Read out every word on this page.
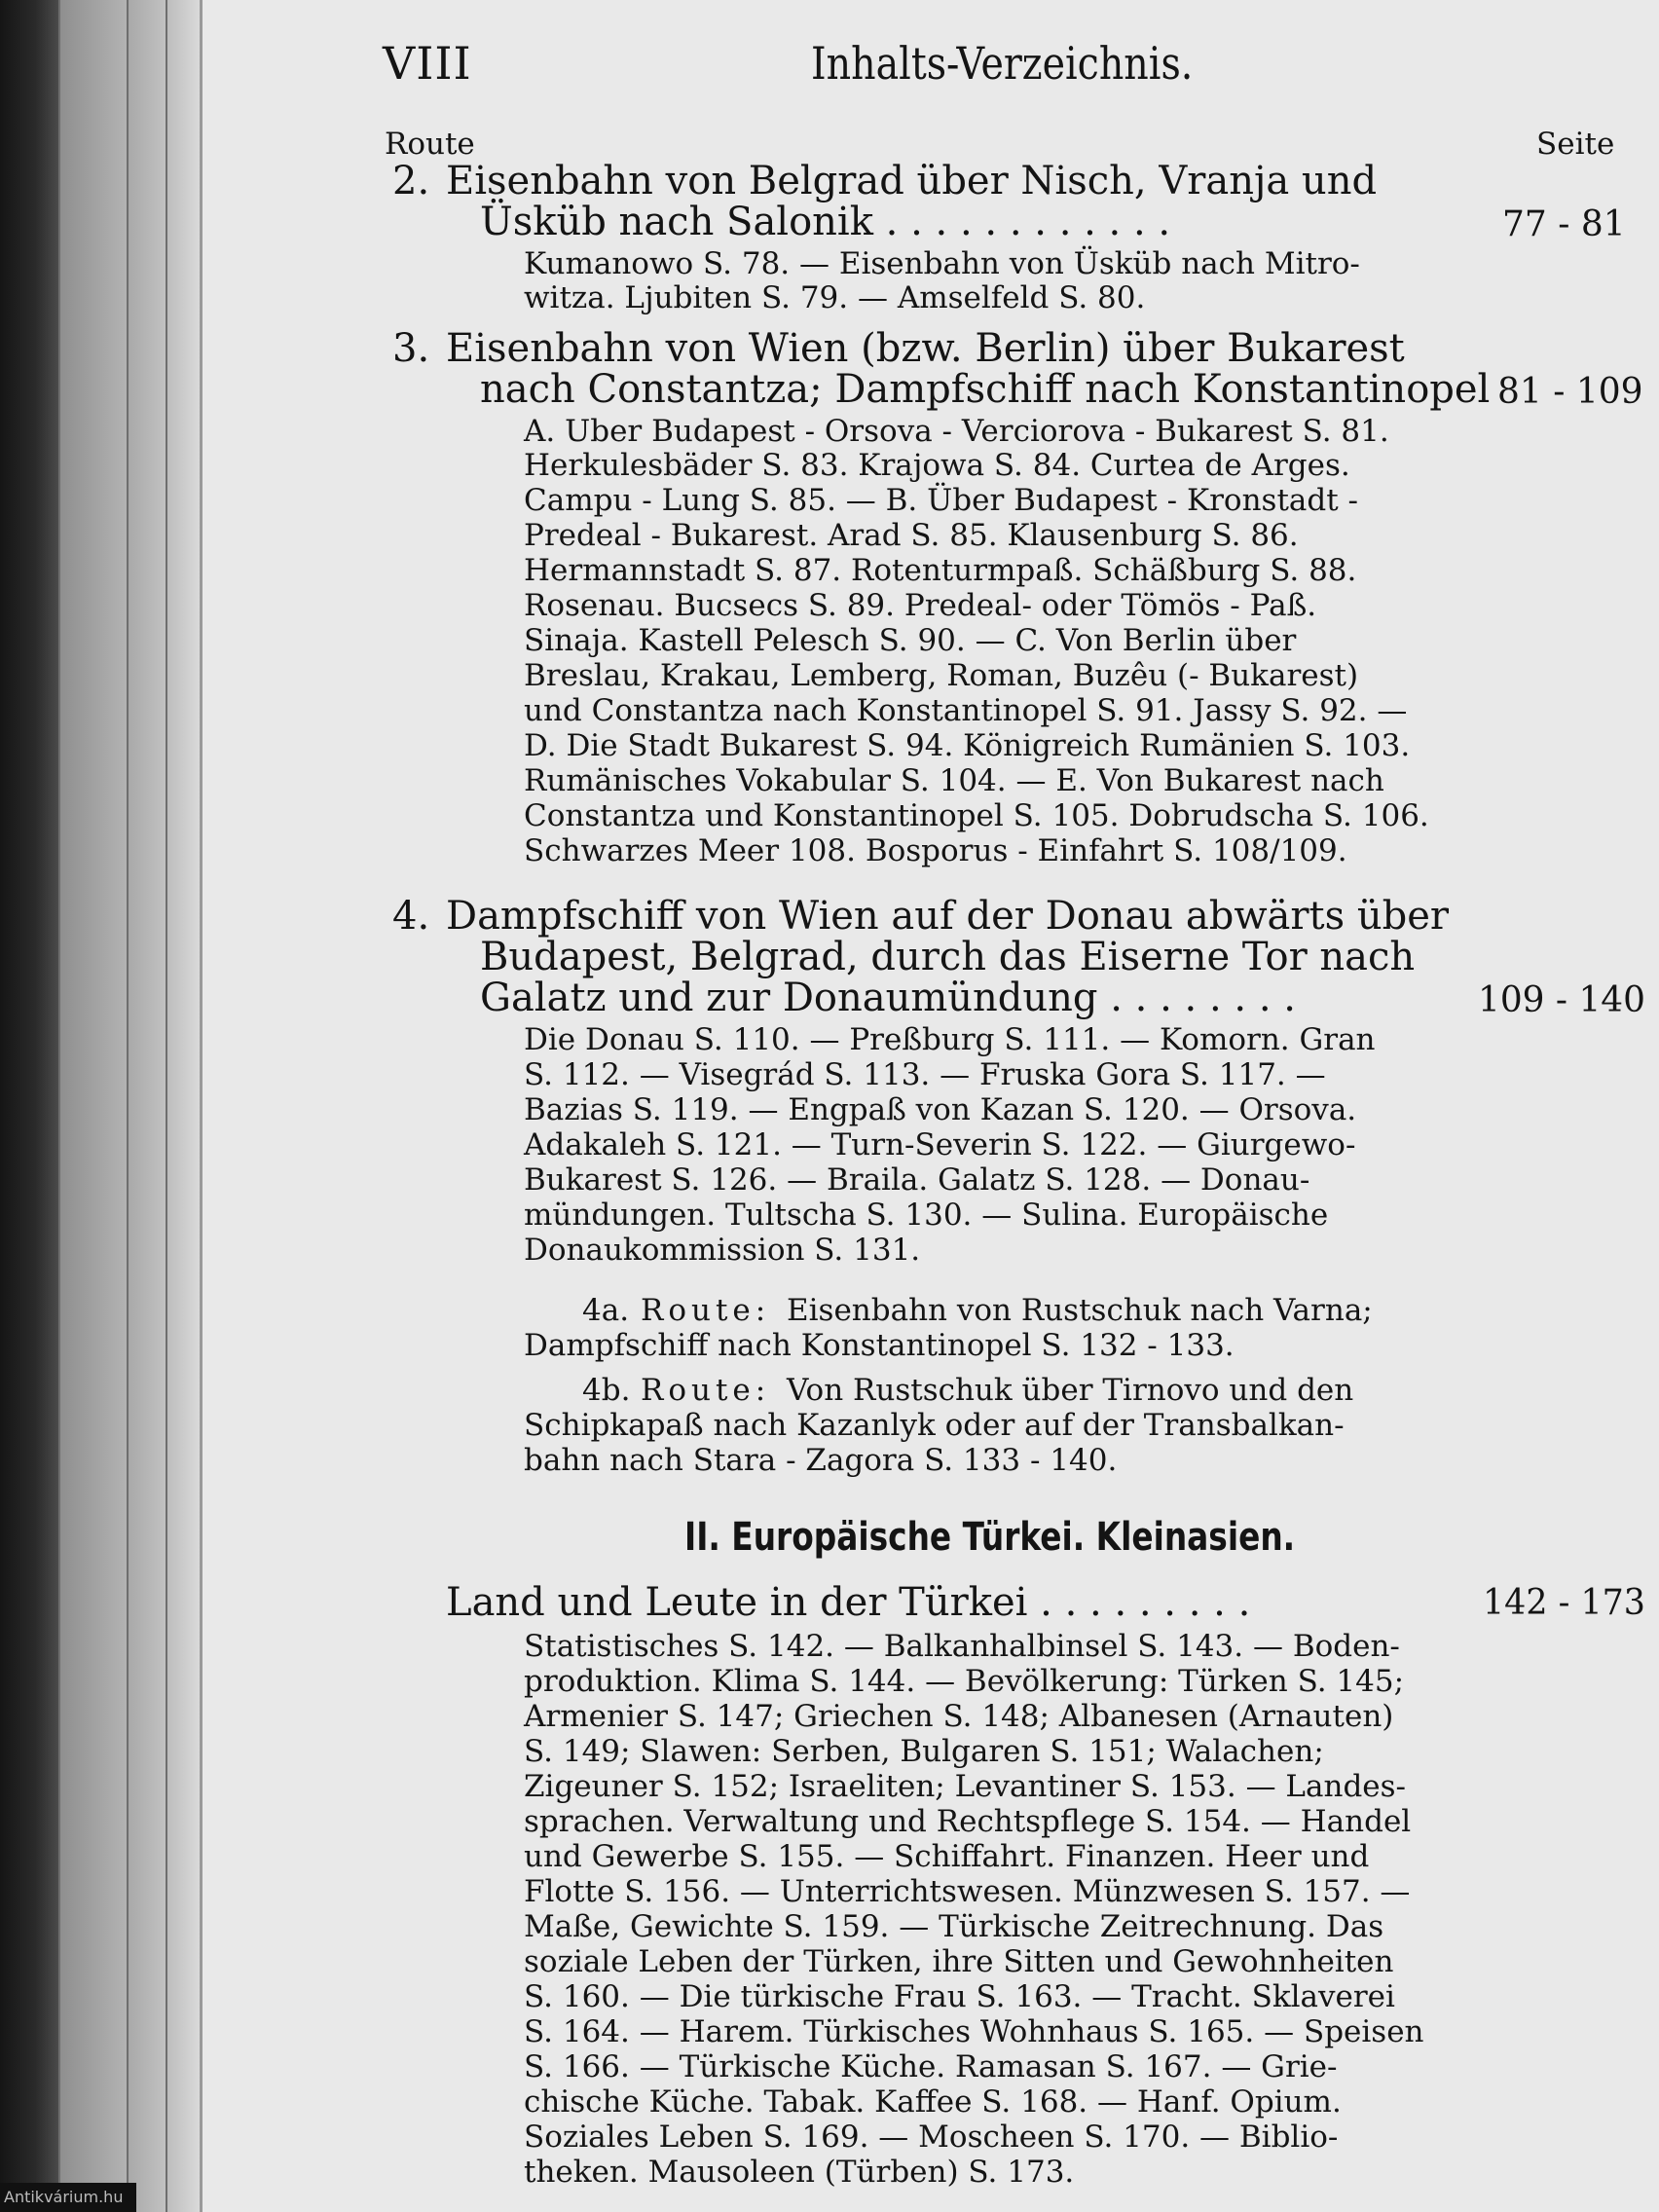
VIII	Inhalts-Verzeichnis.
Route	Seite
2. Eisenbahn von Belgrad über Nisch, Vranja und
Üsküb nach Salonik . . . . . . . . . . . .	77 - 81
Kumanowo S. 78. — Eisenbahn von Üsküb nach Mitro-
witza. Ljubiten S. 79. — Amselfeld S. 80.
3. Eisenbahn von Wien (bzw. Berlin) über Bukarest
nach Constantza; Dampfschiff nach Konstantinopel 81 - 109
A. Uber Budapest - Orsova - Verciorova - Bukarest S. 81.
Herkulesbäder S. 83. Krajowa S. 84. Curtea de Arges.
Campu - Lung S. 85. — B. Über Budapest - Kronstadt -
Predeal - Bukarest. Arad S. 85. Klausenburg S. 86.
Hermannstadt S. 87. Rotenturmpaß. Schäßburg S. 88.
Rosenau. Bucsecs S. 89. Predeal- oder Tömös - Paß.
Sinaja. Kastell Pelesch S. 90. — C. Von Berlin über
Breslau, Krakau, Lemberg, Roman, Buzêu (- Bukarest)
und Constantza nach Konstantinopel S. 91. Jassy S. 92. —
D. Die Stadt Bukarest S. 94. Königreich Rumänien S. 103.
Rumänisches Vokabular S. 104. — E. Von Bukarest nach
Constantza und Konstantinopel S. 105. Dobrudscha S. 106.
Schwarzes Meer 108. Bosporus - Einfahrt S. 108/109.
4. Dampfschiff von Wien auf der Donau abwärts über
Budapest, Belgrad, durch das Eiserne Tor nach
Galatz und zur Donaumündung . . . . . . . .	109 - 140
Die Donau S. 110. — Preßburg S. 111. — Komorn. Gran
S. 112. — Visegrád S. 113. — Fruska Gora S. 117. —
Bazias S. 119. — Engpaß von Kazan S. 120. — Orsova.
Adakaleh S. 121. — Turn-Severin S. 122. — Giurgewo-
Bukarest S. 126. — Braila. Galatz S. 128. — Donau-
mündungen. Tultscha S. 130. — Sulina. Europäische
Donaukommission S. 131.
4a. Route: Eisenbahn von Rustschuk nach Varna;
Dampfschiff nach Konstantinopel S. 132 - 133.
4b. Route: Von Rustschuk über Tirnovo und den
Schipkapaß nach Kazanlyk oder auf der Transbalkan-
bahn nach Stara - Zagora S. 133 - 140.
II. Europäische Türkei. Kleinasien.
Land und Leute in der Türkei . . . . . . . . .	142 - 173
Statistisches S. 142. — Balkanhalbinsel S. 143. — Boden-
produktion. Klima S. 144. — Bevölkerung: Türken S. 145;
Armenier S. 147; Griechen S. 148; Albanesen (Arnauten)
S. 149; Slawen: Serben, Bulgaren S. 151; Walachen;
Zigeuner S. 152; Israeliten; Levantiner S. 153. — Landes-
sprachen. Verwaltung und Rechtspflege S. 154. — Handel
und Gewerbe S. 155. — Schiffahrt. Finanzen. Heer und
Flotte S. 156. — Unterrichtswesen. Münzwesen S. 157. —
Maße, Gewichte S. 159. — Türkische Zeitrechnung. Das
soziale Leben der Türken, ihre Sitten und Gewohnheiten
S. 160. — Die türkische Frau S. 163. — Tracht. Sklaverei
S. 164. — Harem. Türkisches Wohnhaus S. 165. — Speisen
S. 166. — Türkische Küche. Ramasan S. 167. — Grie-
chische Küche. Tabak. Kaffee S. 168. — Hanf. Opium.
Soziales Leben S. 169. — Moscheen S. 170. — Biblio-
theken. Mausoleen (Türben) S. 173.
Antikvárium.hu
